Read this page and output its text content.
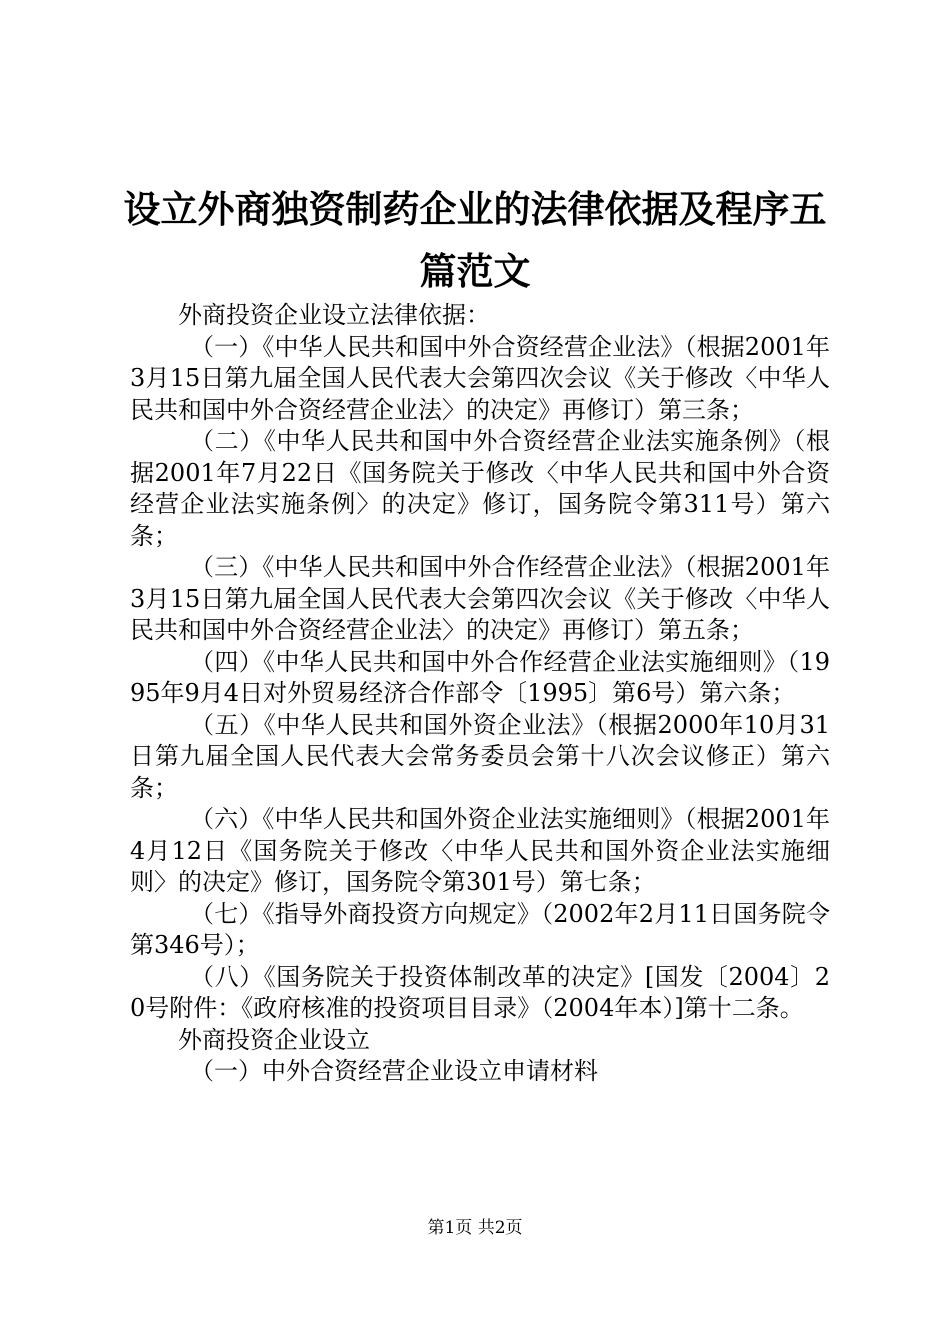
设立外商独资制药企业的法律依据及程序五篇范文

外商投资企业设立法律依据：

（一）《中华人民共和国中外合资经营企业法》（根据2001年3月15日第九届全国人民代表大会第四次会议《关于修改〈中华人民共和国中外合资经营企业法〉的决定》再修订）第三条；

（二）《中华人民共和国中外合资经营企业法实施条例》（根据2001年7月22日《国务院关于修改〈中华人民共和国中外合资经营企业法实施条例〉的决定》修订，国务院令第311号）第六条；

（三）《中华人民共和国中外合作经营企业法》（根据2001年3月15日第九届全国人民代表大会第四次会议《关于修改〈中华人民共和国中外合资经营企业法〉的决定》再修订）第五条；

（四）《中华人民共和国中外合作经营企业法实施细则》（1995年9月4日对外贸易经济合作部令〔1995〕第6号）第六条；

（五）《中华人民共和国外资企业法》（根据2000年10月31日第九届全国人民代表大会常务委员会第十八次会议修正）第六条；

（六）《中华人民共和国外资企业法实施细则》（根据2001年4月12日《国务院关于修改〈中华人民共和国外资企业法实施细则〉的决定》修订，国务院令第301号）第七条；

（七）《指导外商投资方向规定》（2002年2月11日国务院令第346号）；

（八）《国务院关于投资体制改革的决定》[国发〔2004〕20号附件：《政府核准的投资项目目录》（2004年本）]第十二条。

外商投资企业设立

（一）中外合资经营企业设立申请材料

第1页 共2页
